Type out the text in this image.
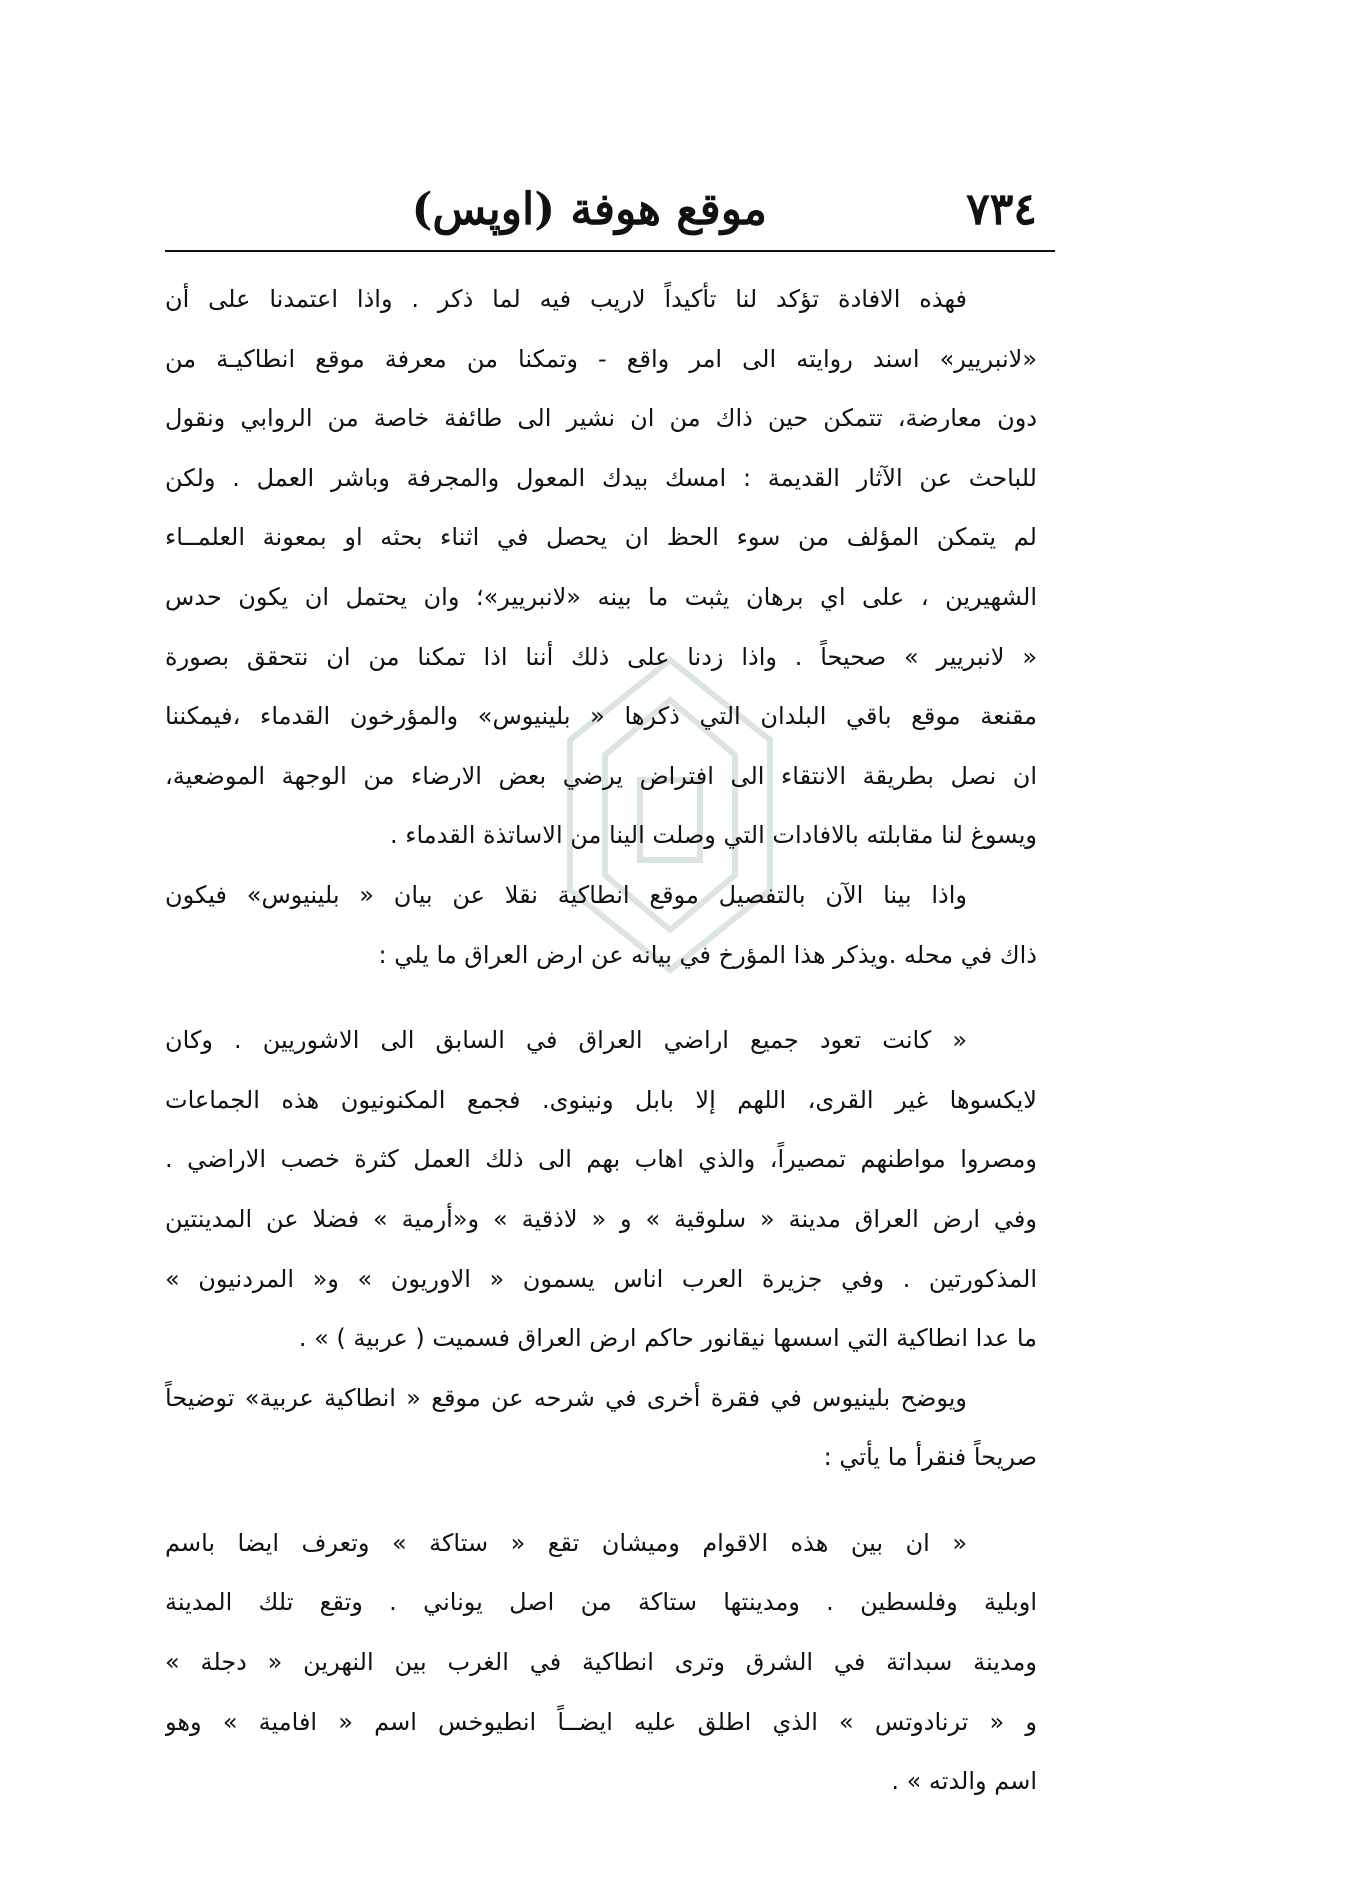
٧٣٤
موقع هوفة (اوپس)
فهذه الافادة تؤكد لنا تأكيداً لاريب فيه لما ذكر . واذا اعتمدنا على أن
«لانبريير» اسند روايته الى امر واقع - وتمكنا من معرفة موقع انطاكيـة من
دون معارضة، تتمكن حين ذاك من ان نشير الى طائفة خاصة من الروابي ونقول
للباحث عن الآثار القديمة : امسك بيدك المعول والمجرفة وباشر العمل . ولكن
لم يتمكن المؤلف من سوء الحظ ان يحصل في اثناء بحثه او بمعونة العلمــاء
الشهيرين ، على اي برهان يثبت ما بينه «لانبريير»؛ وان يحتمل ان يكون حدس
« لانبريير » صحيحاً . واذا زدنا على ذلك أننا اذا تمكنا من ان نتحقق بصورة
مقنعة موقع باقي البلدان التي ذكرها « بلينيوس» والمؤرخون القدماء ،فيمكننا
ان نصل بطريقة الانتقاء الى افتراض يرضي بعض الارضاء من الوجهة الموضعية،
ويسوغ لنا مقابلته بالافادات التي وصلت الينا من الاساتذة القدماء .
واذا بينا الآن بالتفصيل موقع انطاكية نقلا عن بيان « بلينيوس» فيكون
ذاك في محله .ويذكر هذا المؤرخ في بيانه عن ارض العراق ما يلي :
« كانت تعود جميع اراضي العراق في السابق الى الاشوريين . وكان
لايكسوها غير القرى، اللهم إلا بابل ونينوى. فجمع المكنونيون هذه الجماعات
ومصروا مواطنهم تمصيراً، والذي اهاب بهم الى ذلك العمل كثرة خصب الاراضي .
وفي ارض العراق مدينة « سلوقية » و « لاذقية » و«أرمية » فضلا عن المدينتين
المذكورتين . وفي جزيرة العرب اناس يسمون « الاوريون » و« المردنيون »
ما عدا انطاكية التي اسسها نيقانور حاكم ارض العراق فسميت ( عربية ) » .
ويوضح بلينيوس في فقرة أخرى في شرحه عن موقع « انطاكية عربية» توضيحاً
صريحاً فنقرأ ما يأتي :
« ان بين هذه الاقوام وميشان تقع « ستاكة » وتعرف ايضا باسم
اوبلية وفلسطين . ومدينتها ستاكة من اصل يوناني . وتقع تلك المدينة
ومدينة سبداتة في الشرق وترى انطاكية في الغرب بين النهرين « دجلة »
و « ترنادوتس » الذي اطلق عليه ايضــاً انطيوخس اسم « افامية » وهو
اسم والدته » .
